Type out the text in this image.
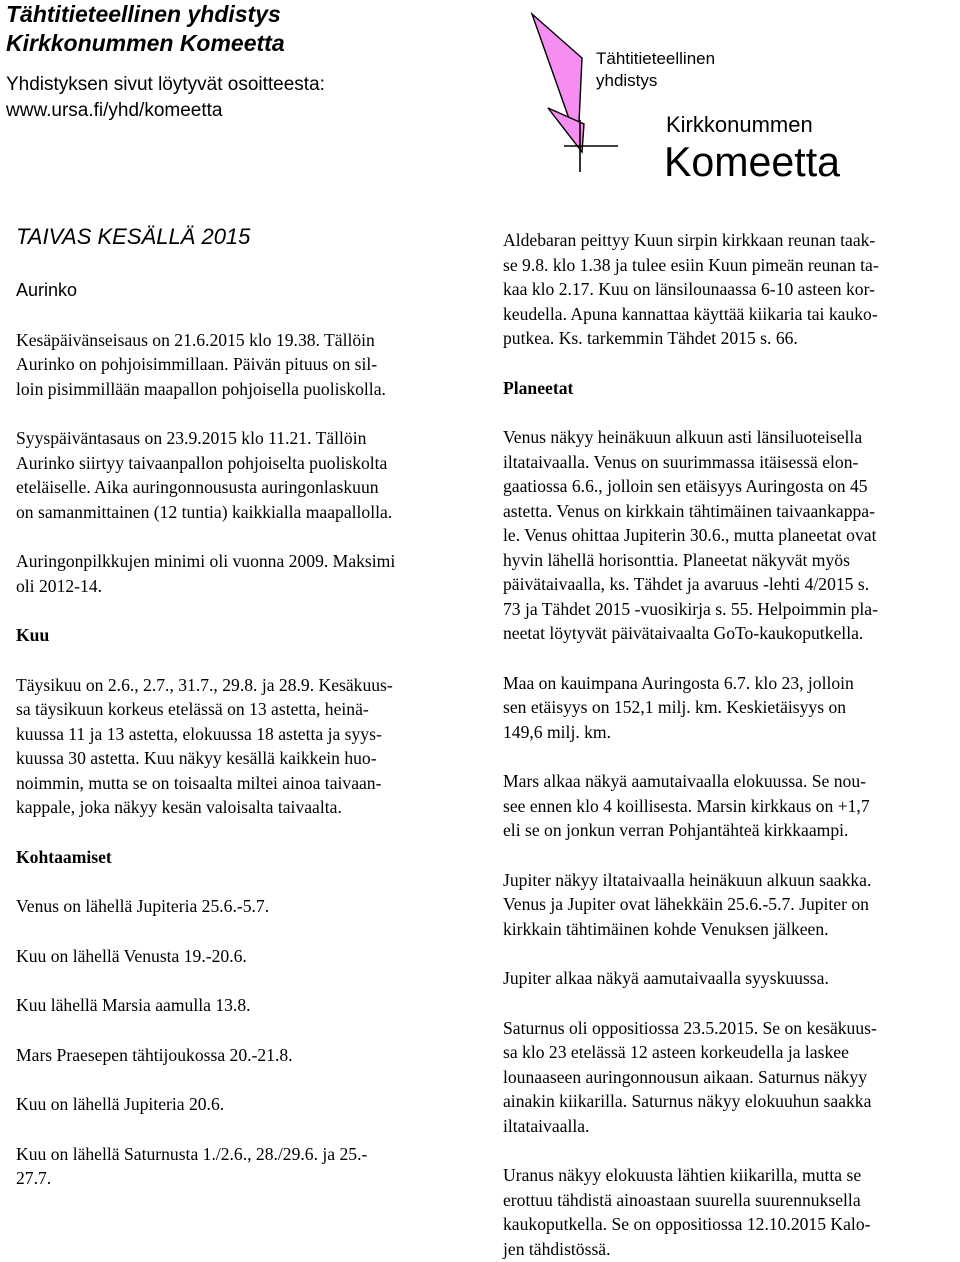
Tähtitieteellinen yhdistys
Kirkkonummen Komeetta
Yhdistyksen sivut löytyvät osoitteesta:
www.ursa.fi/yhd/komeetta
Tähtitieteellinen
yhdistys
Kirkkonummen
Komeetta
TAIVAS KESÄLLÄ 2015

Aurinko

Kesäpäivänseisaus on 21.6.2015 klo 19.38. Tällöin
Aurinko on pohjoisimmillaan. Päivän pituus on sil-
loin pisimmillään maapallon pohjoisella puoliskolla.
Syyspäiväntasaus on 23.9.2015 klo 11.21. Tällöin
Aurinko siirtyy taivaanpallon pohjoiselta puoliskolta
eteläiselle. Aika auringonnoususta auringonlaskuun
on samanmittainen (12 tuntia) kaikkialla maapallolla.
Auringonpilkkujen minimi oli vuonna 2009. Maksimi
oli 2012-14.

Kuu

Täysikuu on 2.6., 2.7., 31.7., 29.8. ja 28.9. Kesäkuus-
sa täysikuun korkeus etelässä on 13 astetta, heinä-
kuussa 11 ja 13 astetta, elokuussa 18 astetta ja syys-
kuussa 30 astetta. Kuu näkyy kesällä kaikkein huo-
noimmin, mutta se on toisaalta miltei ainoa taivaan-
kappale, joka näkyy kesän valoisalta taivaalta.

Kohtaamiset

Venus on lähellä Jupiteria 25.6.-5.7.
Kuu on lähellä Venusta 19.-20.6.
Kuu lähellä Marsia aamulla 13.8.
Mars Praesepen tähtijoukossa 20.-21.8.
Kuu on lähellä Jupiteria 20.6.
Kuu on lähellä Saturnusta 1./2.6., 28./29.6. ja 25.-
27.7.
Aldebaran peittyy Kuun sirpin kirkkaan reunan taak-
se 9.8. klo 1.38 ja tulee esiin Kuun pimeän reunan ta-
kaa klo 2.17. Kuu on länsilounaassa 6-10 asteen kor-
keudella. Apuna kannattaa käyttää kiikaria tai kauko-
putkea. Ks. tarkemmin Tähdet 2015 s. 66.

Planeetat

Venus näkyy heinäkuun alkuun asti länsiluoteisella
iltataivaalla. Venus on suurimmassa itäisessä elon-
gaatiossa 6.6., jolloin sen etäisyys Auringosta on 45
astetta. Venus on kirkkain tähtimäinen taivaankappa-
le. Venus ohittaa Jupiterin 30.6., mutta planeetat ovat
hyvin lähellä horisonttia. Planeetat näkyvät myös
päivätaivaalla, ks. Tähdet ja avaruus -lehti 4/2015 s.
73 ja Tähdet 2015 -vuosikirja s. 55. Helpoimmin pla-
neetat löytyvät päivätaivaalta GoTo-kaukoputkella.
Maa on kauimpana Auringosta 6.7. klo 23, jolloin
sen etäisyys on 152,1 milj. km. Keskietäisyys on
149,6 milj. km.
Mars alkaa näkyä aamutaivaalla elokuussa. Se nou-
see ennen klo 4 koillisesta. Marsin kirkkaus on +1,7
eli se on jonkun verran Pohjantähteä kirkkaampi.
Jupiter näkyy iltataivaalla heinäkuun alkuun saakka.
Venus ja Jupiter ovat lähekkäin 25.6.-5.7. Jupiter on
kirkkain tähtimäinen kohde Venuksen jälkeen.
Jupiter alkaa näkyä aamutaivaalla syyskuussa.
Saturnus oli oppositiossa 23.5.2015. Se on kesäkuus-
sa klo 23 etelässä 12 asteen korkeudella ja laskee
lounaaseen auringonnousun aikaan. Saturnus näkyy
ainakin kiikarilla. Saturnus näkyy elokuuhun saakka
iltataivaalla.
Uranus näkyy elokuusta lähtien kiikarilla, mutta se
erottuu tähdistä ainoastaan suurella suurennuksella
kaukoputkella. Se on oppositiossa 12.10.2015 Kalo-
jen tähdistössä.
